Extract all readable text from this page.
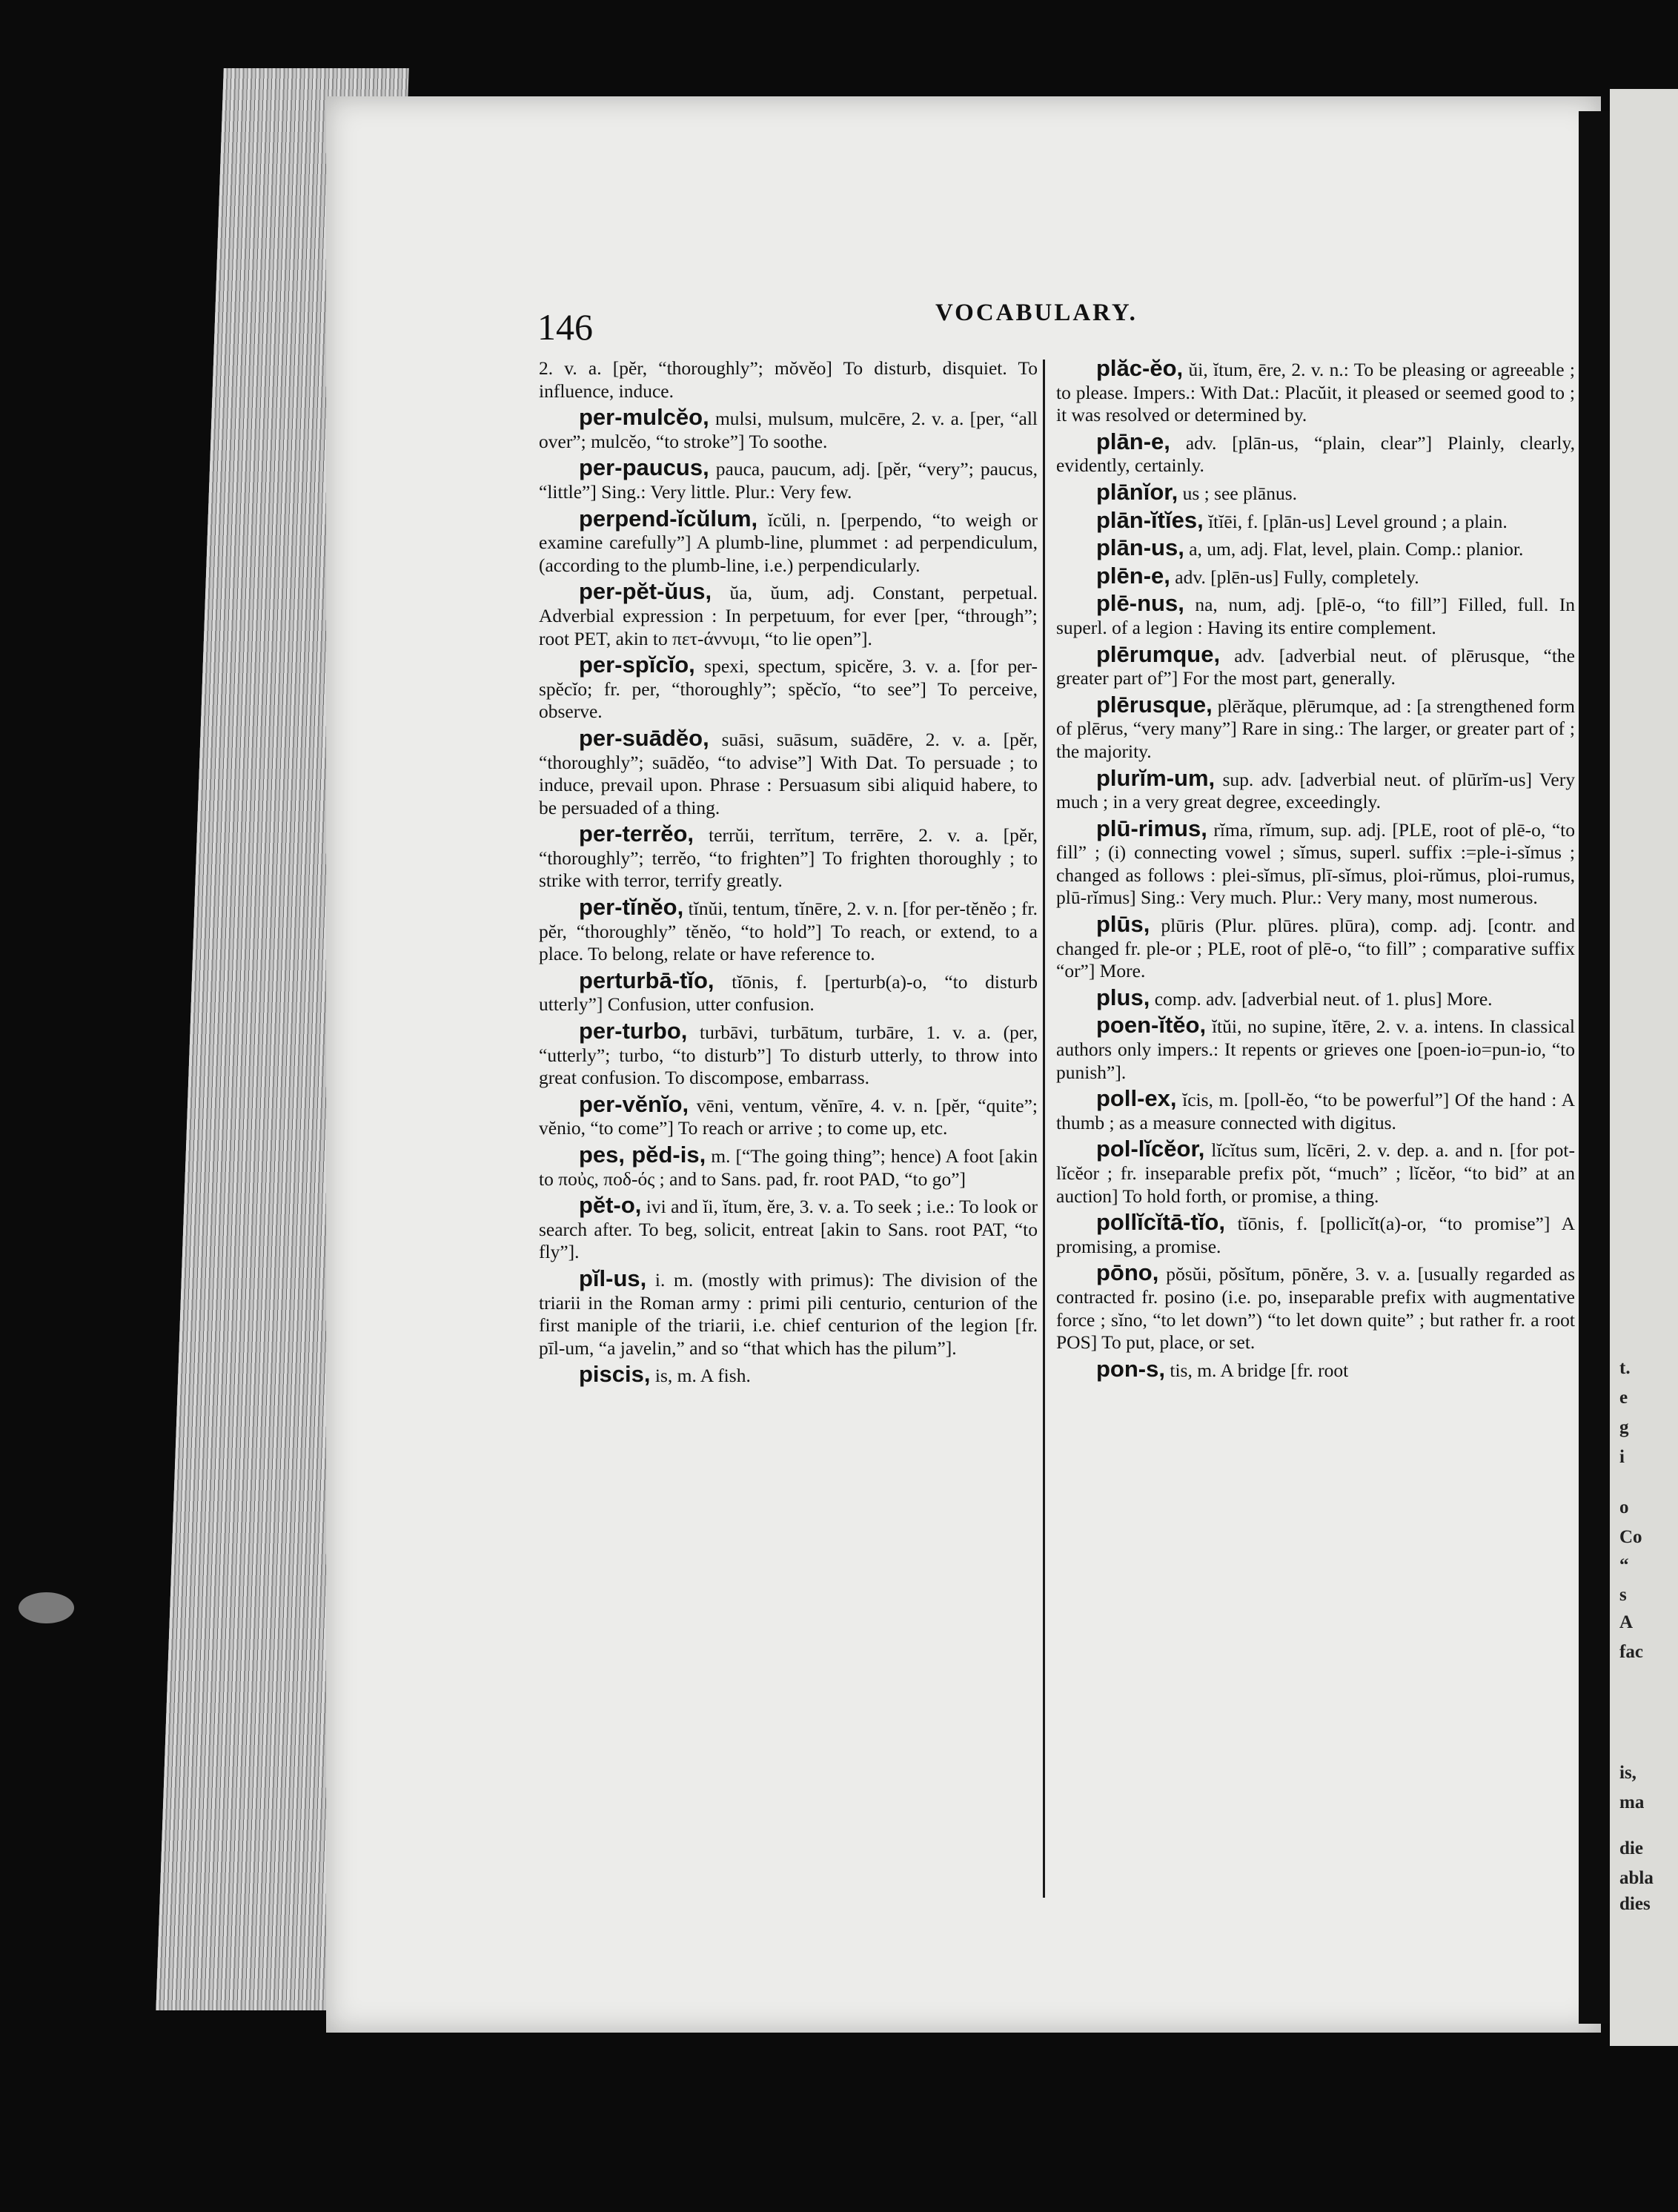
146	VOCABULARY.

2. v. a. [pĕr, “thoroughly”; mŏvĕo] To disturb, disquiet. To influence, induce.

per-mulcĕo, mulsi, mulsum, mulcēre, 2. v. a. [per, “all over”; mulcĕo, “to stroke”] To soothe.

per-paucus, pauca, paucum, adj. [pĕr, “very”; paucus, “little”] Sing.: Very little. Plur.: Very few.

perpend-ĭcŭlum, ĭcŭli, n. [perpendo, “to weigh or examine carefully”] A plumb-line, plummet : ad perpendiculum, (according to the plumb-line, i.e.) perpendicularly.

per-pĕt-ŭus, ŭa, ŭum, adj. Constant, perpetual. Adverbial expression : In perpetuum, for ever [per, “through”; root PET, akin to πετ-άννυμι, “to lie open”].

per-spĭcĭo, spexi, spectum, spicĕre, 3. v. a. [for per-spĕcĭo; fr. per, “thoroughly”; spĕcĭo, “to see”] To perceive, observe.

per-suādĕo, suāsi, suāsum, suādēre, 2. v. a. [pĕr, “thoroughly”; suādĕo, “to advise”] With Dat. To persuade ; to induce, prevail upon. Phrase : Persuasum sibi aliquid habere, to be persuaded of a thing.

per-terrĕo, terrŭi, terrĭtum, terrēre, 2. v. a. [pĕr, “thoroughly”; terrĕo, “to frighten”] To frighten thoroughly ; to strike with terror, terrify greatly.

per-tĭnĕo, tĭnŭi, tentum, tĭnēre, 2. v. n. [for per-tĕnĕo ; fr. pĕr, “thoroughly” tĕnĕo, “to hold”] To reach, or extend, to a place. To belong, relate or have reference to.

perturbā-tĭo, tĭōnis, f. [perturb(a)-o, “to disturb utterly”] Confusion, utter confusion.

per-turbo, turbāvi, turbātum, turbāre, 1. v. a. (per, “utterly”; turbo, “to disturb”] To disturb utterly, to throw into great confusion. To discompose, embarrass.

per-vĕnĭo, vēni, ventum, vĕnīre, 4. v. n. [pĕr, “quite”; vĕnio, “to come”] To reach or arrive ; to come up, etc.

pes, pĕd-is, m. [“The going thing”; hence) A foot [akin to ποὐς, ποδ-ός ; and to Sans. pad, fr. root PAD, “to go”]

pĕt-o, ivi and ĭi, ĭtum, ĕre, 3. v. a. To seek ; i.e.: To look or search after. To beg, solicit, entreat [akin to Sans. root PAT, “to fly”].

pĭl-us, i. m. (mostly with primus): The division of the triarii in the Roman army : primi pili centurio, centurion of the first maniple of the triarii, i.e. chief centurion of the legion [fr. pīl-um, “a javelin,” and so “that which has the pilum”].

piscis, is, m. A fish.

plăc-ĕo, ŭi, ĭtum, ēre, 2. v. n.: To be pleasing or agreeable ; to please. Impers.: With Dat.: Placŭit, it pleased or seemed good to ; it was resolved or determined by.

plān-e, adv. [plān-us, “plain, clear”] Plainly, clearly, evidently, certainly.

plānĭor, us ; see plānus.

plān-ĭtĭes, ĭtĭēi, f. [plān-us] Level ground ; a plain.

plān-us, a, um, adj. Flat, level, plain. Comp.: planior.

plēn-e, adv. [plēn-us] Fully, completely.

plē-nus, na, num, adj. [plē-o, “to fill”] Filled, full. In superl. of a legion : Having its entire complement.

plērumque, adv. [adverbial neut. of plērusque, “the greater part of”] For the most part, generally.

plērusque, plērăque, plērumque, ad : [a strengthened form of plērus, “very many”] Rare in sing.: The larger, or greater part of ; the majority.

plurĭm-um, sup. adv. [adverbial neut. of plūrĭm-us] Very much ; in a very great degree, exceedingly.

plū-rimus, rĭma, rĭmum, sup. adj. [PLE, root of plē-o, “to fill” ; (i) connecting vowel ; sĭmus, superl. suffix :=ple-i-sĭmus ; changed as follows : plei-sĭmus, plī-sĭmus, ploi-rŭmus, ploi-rumus, plū-rĭmus] Sing.: Very much. Plur.: Very many, most numerous.

plūs, plūris (Plur. plūres. plūra), comp. adj. [contr. and changed fr. ple-or ; PLE, root of plē-o, “to fill” ; comparative suffix “or”] More.

plus, comp. adv. [adverbial neut. of 1. plus] More.

poen-ĭtĕo, ĭtŭi, no supine, ĭtēre, 2. v. a. intens. In classical authors only impers.: It repents or grieves one [poen-io=pun-io, “to punish”].

poll-ex, ĭcis, m. [poll-ĕo, “to be powerful”] Of the hand : A thumb ; as a measure connected with digitus.

pol-lĭcĕor, lĭcĭtus sum, lĭcēri, 2. v. dep. a. and n. [for pot-lĭcĕor ; fr. inseparable prefix pŏt, “much” ; lĭcĕor, “to bid” at an auction] To hold forth, or promise, a thing.

pollĭcĭtā-tĭo, tĭōnis, f. [pollicĭt(a)-or, “to promise”] A promising, a promise.

pōno, pŏsŭi, pŏsĭtum, pōnĕre, 3. v. a. [usually regarded as contracted fr. posino (i.e. po, inseparable prefix with augmentative force ; sĭno, “to let down”) “to let down quite” ; but rather fr. a root POS] To put, place, or set.

pon-s, tis, m. A bridge [fr. root	t.
e
g
i
o
Co
“
s
A
fac
is,
ma
die
abla
dies
